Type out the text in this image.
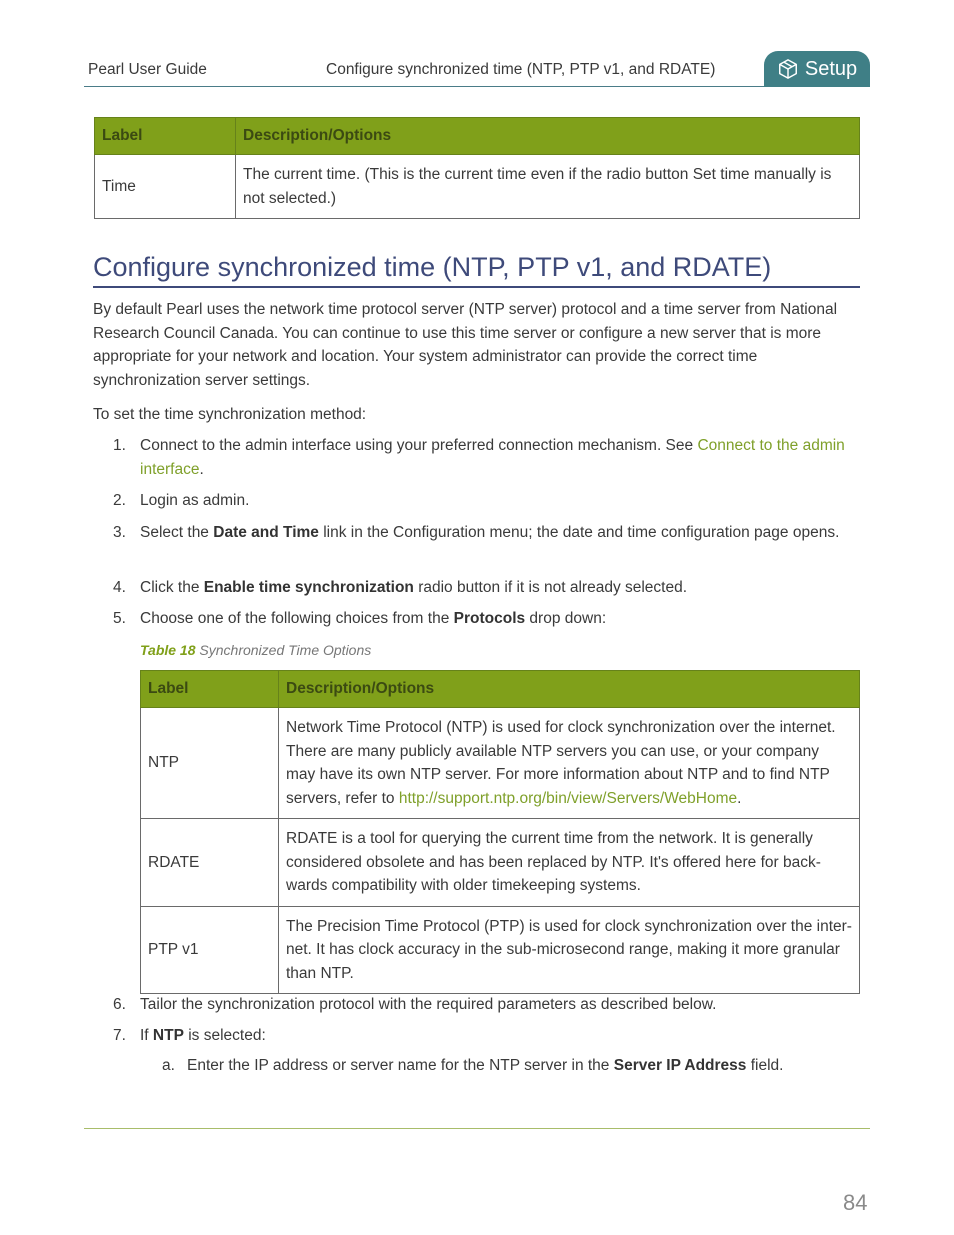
Pearl User Guide	Configure synchronized time (NTP, PTP v1, and RDATE)	Setup
Label	Description/Options
Time	The current time. (This is the current time even if the radio button Set time manually is not selected.)
Configure synchronized time (NTP, PTP v1, and RDATE)
By default Pearl uses the network time protocol server (NTP server) protocol and a time server from National Research Council Canada. You can continue to use this time server or configure a new server that is more appropriate for your network and location. Your system administrator can provide the correct time synchronization server settings.
To set the time synchronization method:
1. Connect to the admin interface using your preferred connection mechanism. See Connect to the admin interface.
2. Login as admin.
3. Select the Date and Time link in the Configuration menu; the date and time configuration page opens.
4. Click the Enable time synchronization radio button if it is not already selected.
5. Choose one of the following choices from the Protocols drop down:
Table 18 Synchronized Time Options
Label	Description/Options
NTP	Network Time Protocol (NTP) is used for clock synchronization over the internet. There are many publicly available NTP servers you can use, or your company may have its own NTP server. For more information about NTP and to find NTP servers, refer to http://support.ntp.org/bin/view/Servers/WebHome.
RDATE	RDATE is a tool for querying the current time from the network. It is generally considered obsolete and has been replaced by NTP. It's offered here for back-wards compatibility with older timekeeping systems.
PTP v1	The Precision Time Protocol (PTP) is used for clock synchronization over the inter-net. It has clock accuracy in the sub-microsecond range, making it more granular than NTP.
6. Tailor the synchronization protocol with the required parameters as described below.
7. If NTP is selected:
a. Enter the IP address or server name for the NTP server in the Server IP Address field.
84
